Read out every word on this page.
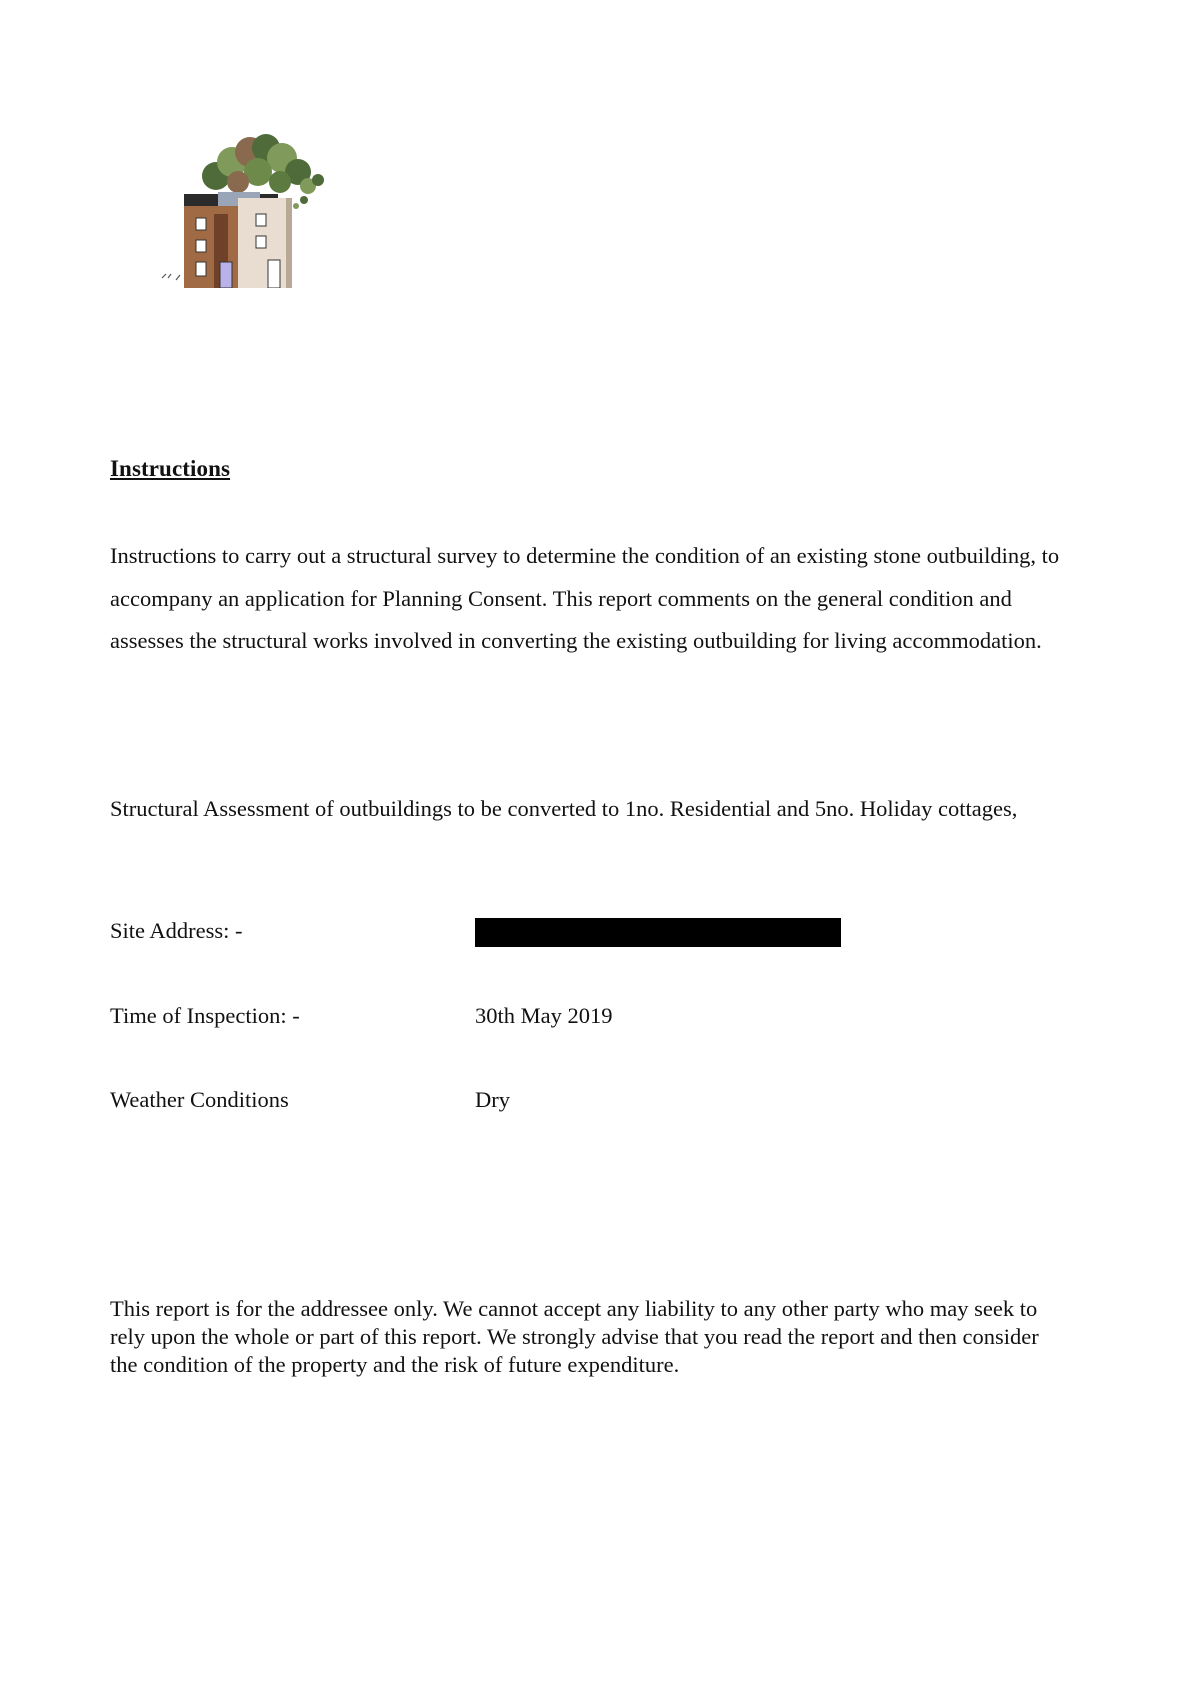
Instructions

Instructions to carry out a structural survey to determine the condition of an existing stone outbuilding, to accompany an application for Planning Consent. This report comments on the general condition and assesses the structural works involved in converting the existing outbuilding for living accommodation.

Structural Assessment of outbuildings to be converted to 1no. Residential and 5no. Holiday cottages,

Site Address: -
Time of Inspection: -	30th May 2019
Weather Conditions	Dry

This report is for the addressee only. We cannot accept any liability to any other party who may seek to rely upon the whole or part of this report. We strongly advise that you read the report and then consider the condition of the property and the risk of future expenditure.
